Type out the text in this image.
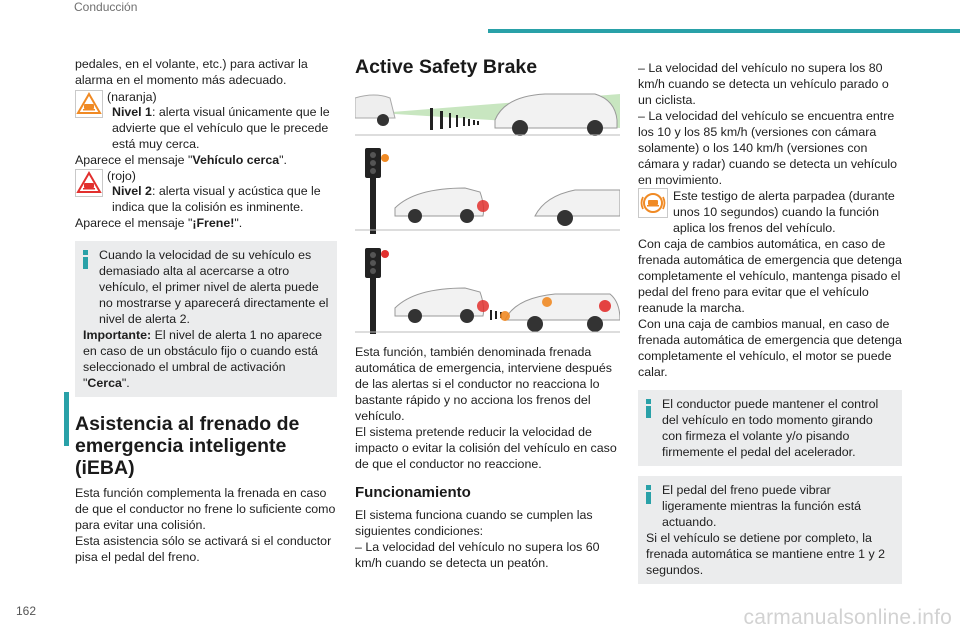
Conducción

pedales, en el volante, etc.) para activar la alarma en el momento más adecuado.

(naranja)

Nivel 1: alerta visual únicamente que le advierte que el vehículo que le precede está muy cerca.

Aparece el mensaje "Vehículo cerca".

(rojo)

Nivel 2: alerta visual y acústica que le indica que la colisión es inminente.

Aparece el mensaje "¡Frene!".

Cuando la velocidad de su vehículo es demasiado alta al acercarse a otro vehículo, el primer nivel de alerta puede no mostrarse y aparecerá directamente el nivel de alerta 2.

Importante: El nivel de alerta 1 no aparece en caso de un obstáculo fijo o cuando está seleccionado el umbral de activación "Cerca".

Asistencia al frenado de emergencia inteligente (iEBA)

Esta función complementa la frenada en caso de que el conductor no frene lo suficiente como para evitar una colisión.

Esta asistencia sólo se activará si el conductor pisa el pedal del freno.

Active Safety Brake

Esta función, también denominada frenada automática de emergencia, interviene después de las alertas si el conductor no reacciona lo bastante rápido y no acciona los frenos del vehículo.

El sistema pretende reducir la velocidad de impacto o evitar la colisión del vehículo en caso de que el conductor no reaccione.

Funcionamiento

El sistema funciona cuando se cumplen las siguientes condiciones:

– La velocidad del vehículo no supera los 60 km/h cuando se detecta un peatón.

– La velocidad del vehículo no supera los 80 km/h cuando se detecta un vehículo parado o un ciclista.

– La velocidad del vehículo se encuentra entre los 10 y los 85 km/h (versiones con cámara solamente) o los 140 km/h (versiones con cámara y radar) cuando se detecta un vehículo en movimiento.

Este testigo de alerta parpadea (durante unos 10 segundos) cuando la función aplica los frenos del vehículo.

Con caja de cambios automática, en caso de frenada automática de emergencia que detenga completamente el vehículo, mantenga pisado el pedal del freno para evitar que el vehículo reanude la marcha.

Con una caja de cambios manual, en caso de frenada automática de emergencia que detenga completamente el vehículo, el motor se puede calar.

El conductor puede mantener el control del vehículo en todo momento girando con firmeza el volante y/o pisando firmemente el pedal del acelerador.

El pedal del freno puede vibrar ligeramente mientras la función está actuando.

Si el vehículo se detiene por completo, la frenada automática se mantiene entre 1 y 2 segundos.

162	carmanualsonline.info
